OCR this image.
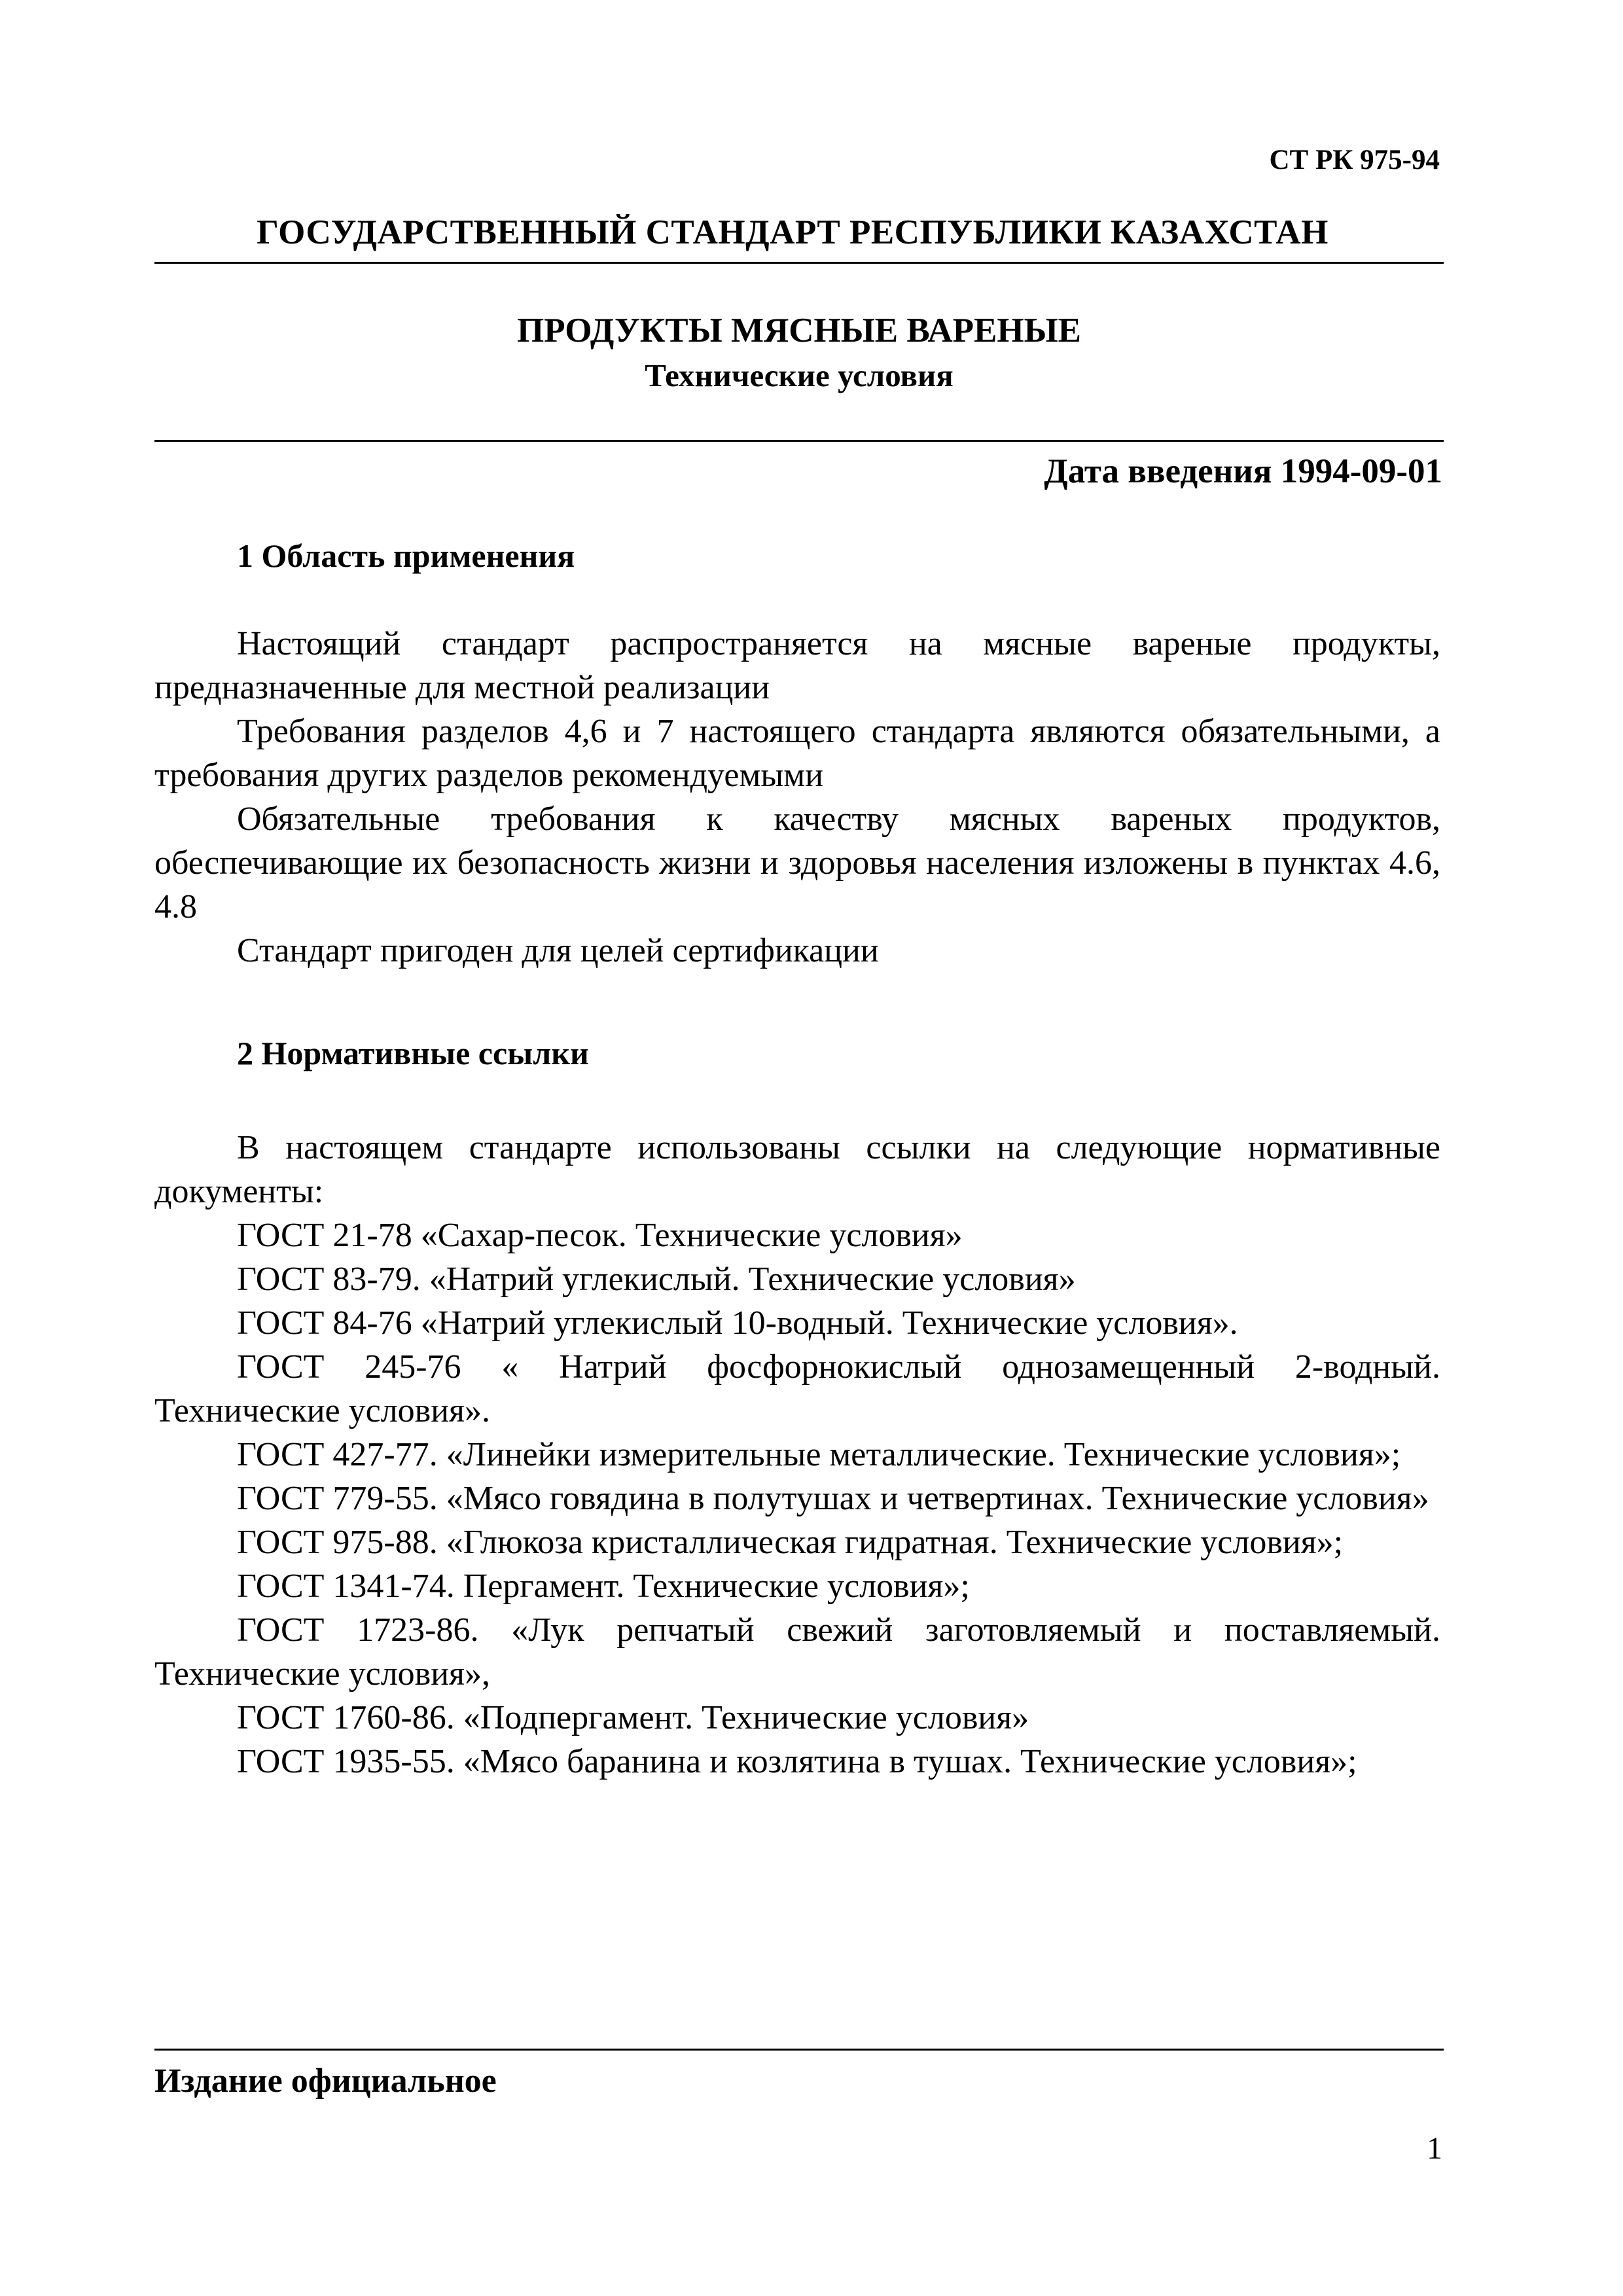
СТ РК 975-94
ГОСУДАРСТВЕННЫЙ СТАНДАРТ РЕСПУБЛИКИ КАЗАХСТАН
ПРОДУКТЫ МЯСНЫЕ ВАРЕНЫЕ
Технические условия
Дата введения 1994-09-01
1 Область применения

Настоящий стандарт распространяется на мясные вареные продукты, предназначенные для местной реализации

Требования разделов 4,6 и 7 настоящего стандарта являются обязательными, а требования других разделов рекомендуемыми

Обязательные требования к качеству мясных вареных продуктов, обеспечивающие их безопасность жизни и здоровья населения изложены в пунктах 4.6, 4.8

Стандарт пригоден для целей сертификации

2 Нормативные ссылки

В настоящем стандарте использованы ссылки на следующие нормативные документы:

ГОСТ 21-78 «Сахар-песок. Технические условия»

ГОСТ 83-79. «Натрий углекислый. Технические условия»

ГОСТ 84-76 «Натрий углекислый 10-водный. Технические условия».

ГОСТ 245-76 « Натрий фосфорнокислый однозамещенный 2-водный. Технические условия».

ГОСТ 427-77. «Линейки измерительные металлические. Технические условия»;

ГОСТ 779-55. «Мясо говядина в полутушах и четвертинах. Технические условия»

ГОСТ 975-88. «Глюкоза кристаллическая гидратная. Технические условия»;

ГОСТ 1341-74. Пергамент. Технические условия»;

ГОСТ 1723-86. «Лук репчатый свежий заготовляемый и поставляемый. Технические условия»,

ГОСТ 1760-86. «Подпергамент. Технические условия»

ГОСТ 1935-55. «Мясо баранина и козлятина в тушах. Технические условия»;

Издание официальное
1
